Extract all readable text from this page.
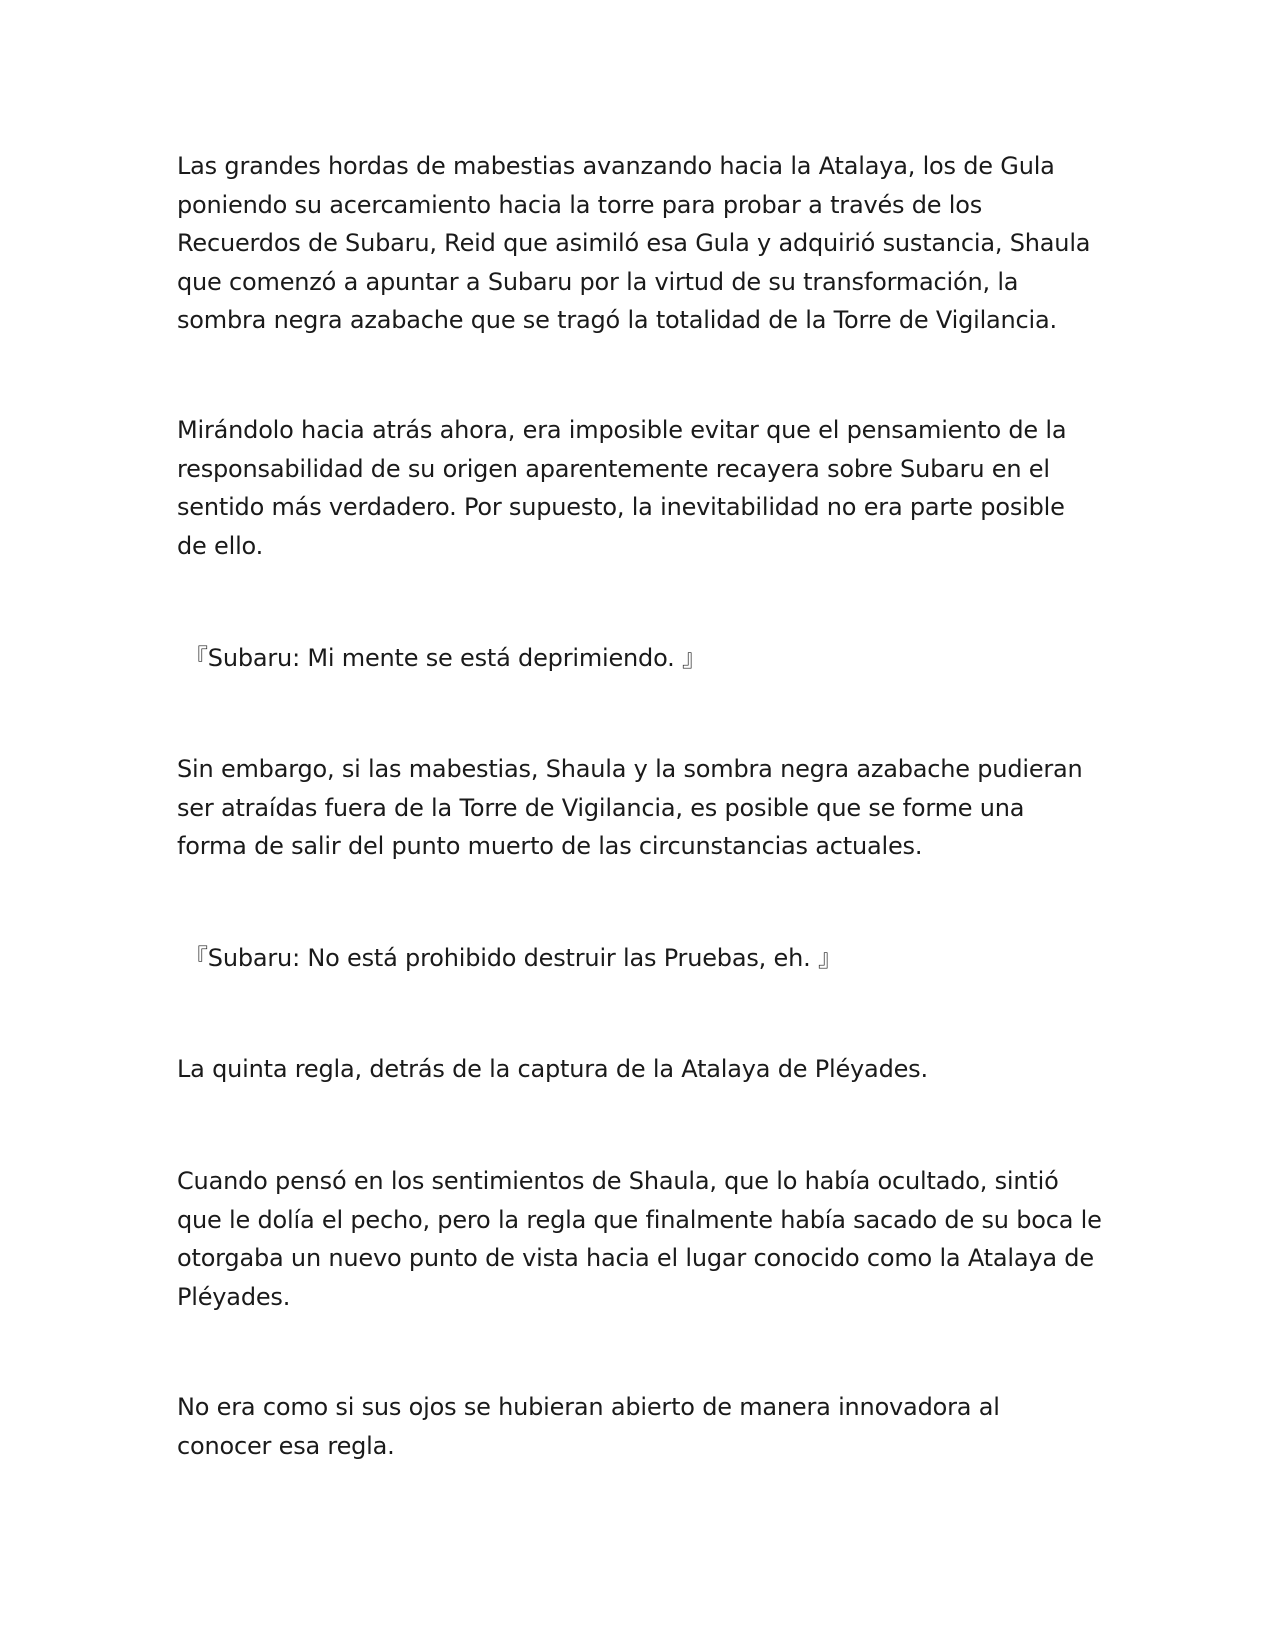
Las grandes hordas de mabestias avanzando hacia la Atalaya, los de Gula
poniendo su acercamiento hacia la torre para probar a través de los
Recuerdos de Subaru, Reid que asimiló esa Gula y adquirió sustancia, Shaula
que comenzó a apuntar a Subaru por la virtud de su transformación, la
sombra negra azabache que se tragó la totalidad de la Torre de Vigilancia.

Mirándolo hacia atrás ahora, era imposible evitar que el pensamiento de la
responsabilidad de su origen aparentemente recayera sobre Subaru en el
sentido más verdadero. Por supuesto, la inevitabilidad no era parte posible
de ello.

『Subaru: Mi mente se está deprimiendo. 』

Sin embargo, si las mabestias, Shaula y la sombra negra azabache pudieran
ser atraídas fuera de la Torre de Vigilancia, es posible que se forme una
forma de salir del punto muerto de las circunstancias actuales.

『Subaru: No está prohibido destruir las Pruebas, eh. 』

La quinta regla, detrás de la captura de la Atalaya de Pléyades.

Cuando pensó en los sentimientos de Shaula, que lo había ocultado, sintió
que le dolía el pecho, pero la regla que finalmente había sacado de su boca le
otorgaba un nuevo punto de vista hacia el lugar conocido como la Atalaya de
Pléyades.

No era como si sus ojos se hubieran abierto de manera innovadora al
conocer esa regla.
